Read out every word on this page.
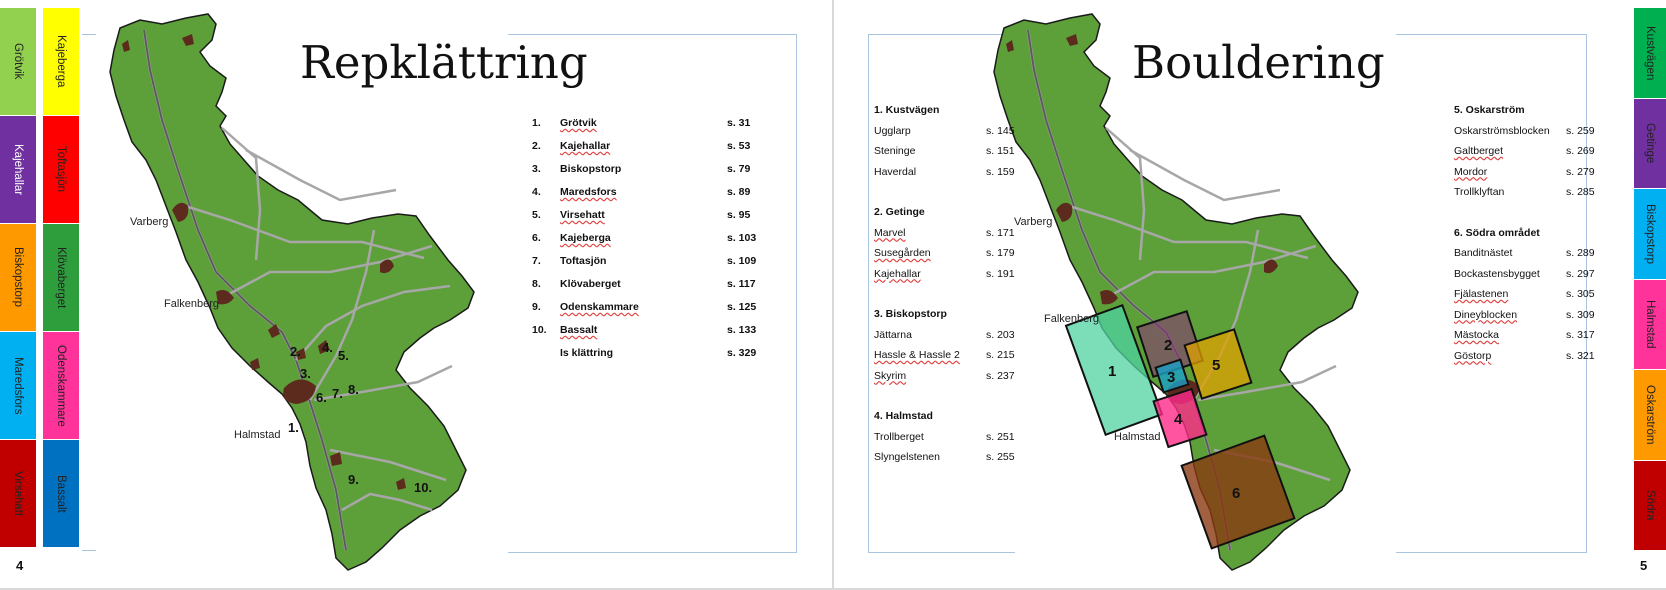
Grötvik
Kajehallar
Biskopstorp
Maredsfors
Virsehatt
Kajeberga
Toftasjön
Klövaberget
Odenskammare
Bassalt
Varberg
Falkenberg
Halmstad 1.
2.
3.
4.
5.
6. 7. 8.
9.
10.
Repklättring
1. Grötvik	s. 31
2. Kajehallar	s. 53
3. Biskopstorp	s. 79
4. Maredsfors	s. 89
5. Virsehatt	s. 95
6. Kajeberga	s. 103
7. Toftasjön	s. 109
8. Klövaberget	s. 117
9. Odenskammare	s. 125
10. Bassalt	s. 133
Is klättring	s. 329
4
Varberg
Falkenberg
Halmstad
1
2
3
4
5
6
Bouldering
1. Kustvägen
Ugglarp	s. 145
Steninge	s. 151
Haverdal	s. 159
2. Getinge
Marvel	s. 171
Susegården	s. 179
Kajehallar	s. 191
3. Biskopstorp
Jättarna	s. 203
Hassle & Hassle 2 s. 215
Skyrim	s. 237
4. Halmstad
Trollberget	s. 251
Slyngelstenen	s. 255
5. Oskarström
Oskarströmsblocken s. 259
Galtberget	s. 269
Mordor	s. 279
Trollklyftan	s. 285
6. Södra området
Banditnästet	s. 289
Bockastensbygget s. 297
Fjälastenen	s. 305
Dineyblocken	s. 309
Mästocka	s. 317
Göstorp	s. 321
Kustvägen
Getinge
Biskopstorp
Halmstad
Oskarström
Södra
5
